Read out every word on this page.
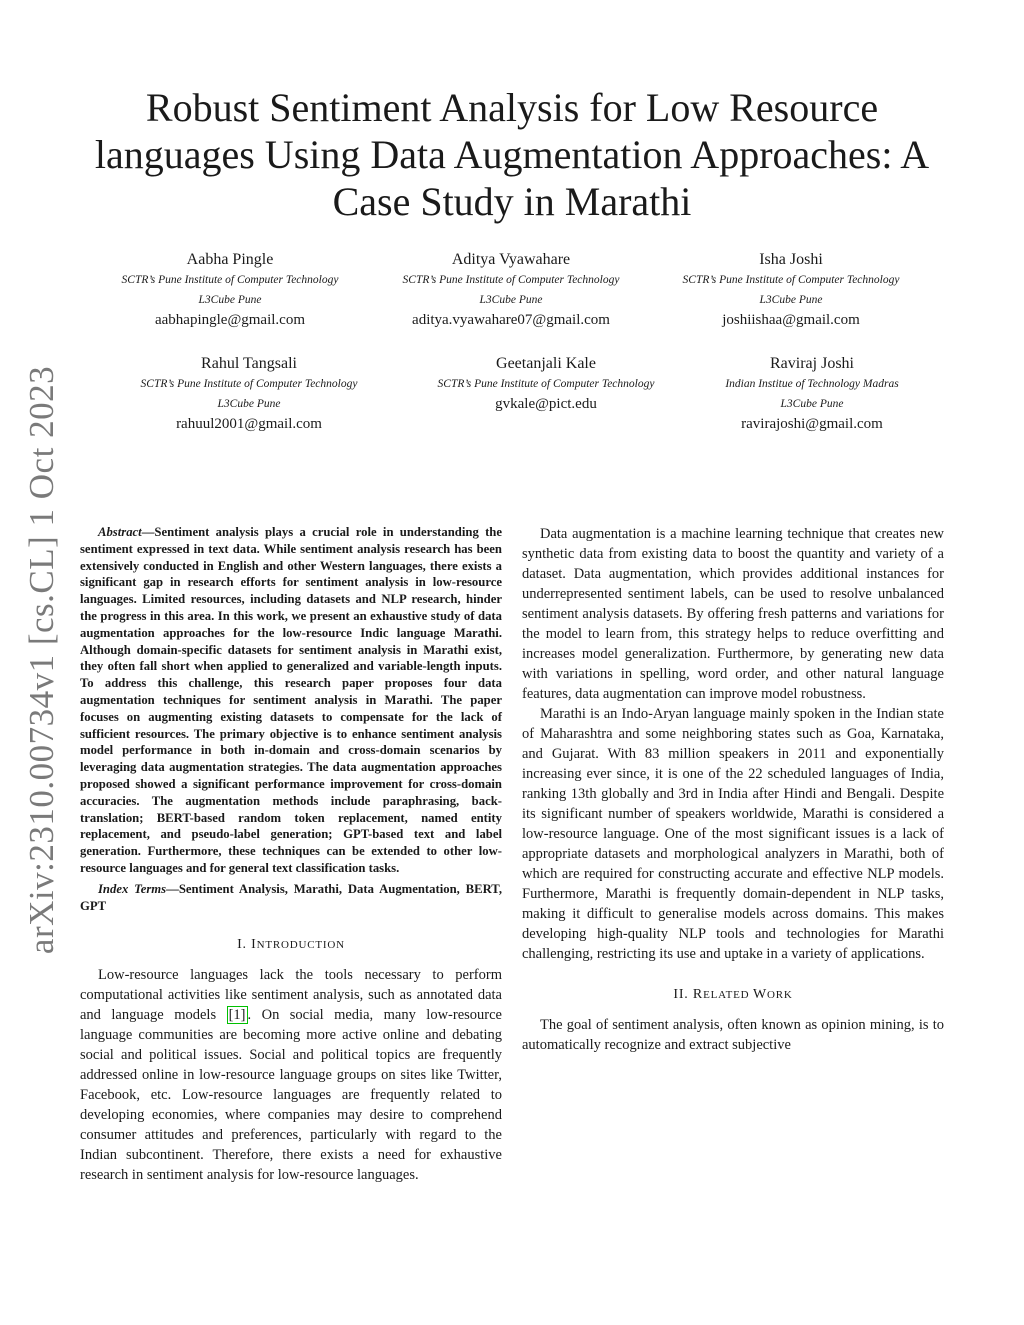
arXiv:2310.00734v1 [cs.CL] 1 Oct 2023
Robust Sentiment Analysis for Low Resource languages Using Data Augmentation Approaches: A Case Study in Marathi
Aabha Pingle
SCTR’s Pune Institute of Computer Technology
L3Cube Pune
aabhapingle@gmail.com
Aditya Vyawahare
SCTR’s Pune Institute of Computer Technology
L3Cube Pune
aditya.vyawahare07@gmail.com
Isha Joshi
SCTR’s Pune Institute of Computer Technology
L3Cube Pune
joshiishaa@gmail.com
Rahul Tangsali
SCTR’s Pune Institute of Computer Technology
L3Cube Pune
rahuul2001@gmail.com
Geetanjali Kale
SCTR’s Pune Institute of Computer Technology
gvkale@pict.edu
Raviraj Joshi
Indian Institue of Technology Madras
L3Cube Pune
ravirajoshi@gmail.com

Abstract—Sentiment analysis plays a crucial role in understanding the sentiment expressed in text data. While sentiment analysis research has been extensively conducted in English and other Western languages, there exists a significant gap in research efforts for sentiment analysis in low-resource languages. Limited resources, including datasets and NLP research, hinder the progress in this area. In this work, we present an exhaustive study of data augmentation approaches for the low-resource Indic language Marathi. Although domain-specific datasets for sentiment analysis in Marathi exist, they often fall short when applied to generalized and variable-length inputs. To address this challenge, this research paper proposes four data augmentation techniques for sentiment analysis in Marathi. The paper focuses on augmenting existing datasets to compensate for the lack of sufficient resources. The primary objective is to enhance sentiment analysis model performance in both in-domain and cross-domain scenarios by leveraging data augmentation strategies. The data augmentation approaches proposed showed a significant performance improvement for cross-domain accuracies. The augmentation methods include paraphrasing, back-translation; BERT-based random token replacement, named entity replacement, and pseudo-label generation; GPT-based text and label generation. Furthermore, these techniques can be extended to other low-resource languages and for general text classification tasks.

Index Terms—Sentiment Analysis, Marathi, Data Augmentation, BERT, GPT

I. INTRODUCTION

Low-resource languages lack the tools necessary to perform computational activities like sentiment analysis, such as annotated data and language models [1] . On social media, many low-resource language communities are becoming more active online and debating social and political issues. Social and political topics are frequently addressed online in low-resource language groups on sites like Twitter, Facebook, etc. Low-resource languages are frequently related to developing economies, where companies may desire to comprehend consumer attitudes and preferences, particularly with regard to the Indian subcontinent. Therefore, there exists a need for exhaustive research in sentiment analysis for low-resource languages.

Data augmentation is a machine learning technique that creates new synthetic data from existing data to boost the quantity and variety of a dataset. Data augmentation, which provides additional instances for underrepresented sentiment labels, can be used to resolve unbalanced sentiment analysis datasets. By offering fresh patterns and variations for the model to learn from, this strategy helps to reduce overfitting and increases model generalization. Furthermore, by generating new data with variations in spelling, word order, and other natural language features, data augmentation can improve model robustness.

Marathi is an Indo-Aryan language mainly spoken in the Indian state of Maharashtra and some neighboring states such as Goa, Karnataka, and Gujarat. With 83 million speakers in 2011 and exponentially increasing ever since, it is one of the 22 scheduled languages of India, ranking 13th globally and 3rd in India after Hindi and Bengali. Despite its significant number of speakers worldwide, Marathi is considered a low-resource language. One of the most significant issues is a lack of appropriate datasets and morphological analyzers in Marathi, both of which are required for constructing accurate and effective NLP models. Furthermore, Marathi is frequently domain-dependent in NLP tasks, making it difficult to generalise models across domains. This makes developing high-quality NLP tools and technologies for Marathi challenging, restricting its use and uptake in a variety of applications.

II. RELATED WORK

The goal of sentiment analysis, often known as opinion mining, is to automatically recognize and extract subjective
